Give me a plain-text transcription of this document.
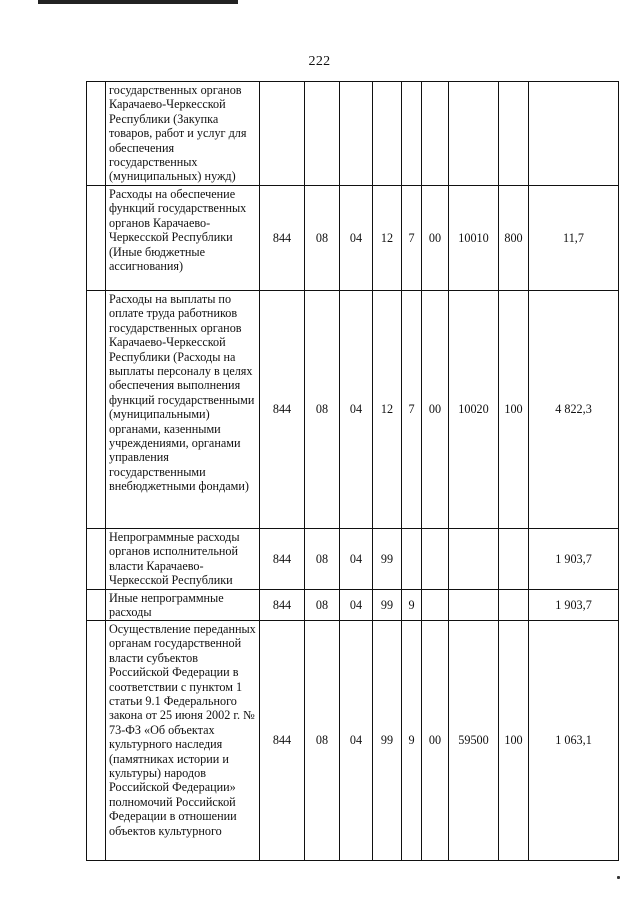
222
	государственных органов Карачаево-Черкесской Республики (Закупка товаров, работ и услуг для обеспечения государственных (муниципальных) нужд)									
	Расходы на обеспечение функций государственных органов Карачаево-Черкесской Республики (Иные бюджетные ассигнования)	844	08	04	12	7	00	10010	800	11,7
	Расходы на выплаты по оплате труда работников государственных органов Карачаево-Черкесской Республики (Расходы на выплаты персоналу в целях обеспечения выполнения функций государственными (муниципальными) органами, казенными учреждениями, органами управления государственными внебюджетными фондами)	844	08	04	12	7	00	10020	100	4 822,3
	Непрограммные расходы органов исполнительной власти Карачаево-Черкесской Республики	844	08	04	99					1 903,7
	Иные непрограммные расходы	844	08	04	99	9				1 903,7
	Осуществление переданных органам государственной власти субъектов Российской Федерации в соответствии с пунктом 1 статьи 9.1 Федерального закона от 25 июня 2002 г. № 73-ФЗ «Об объектах культурного наследия (памятниках истории и культуры) народов Российской Федерации» полномочий Российской Федерации в отношении объектов культурного	844	08	04	99	9	00	59500	100	1 063,1
